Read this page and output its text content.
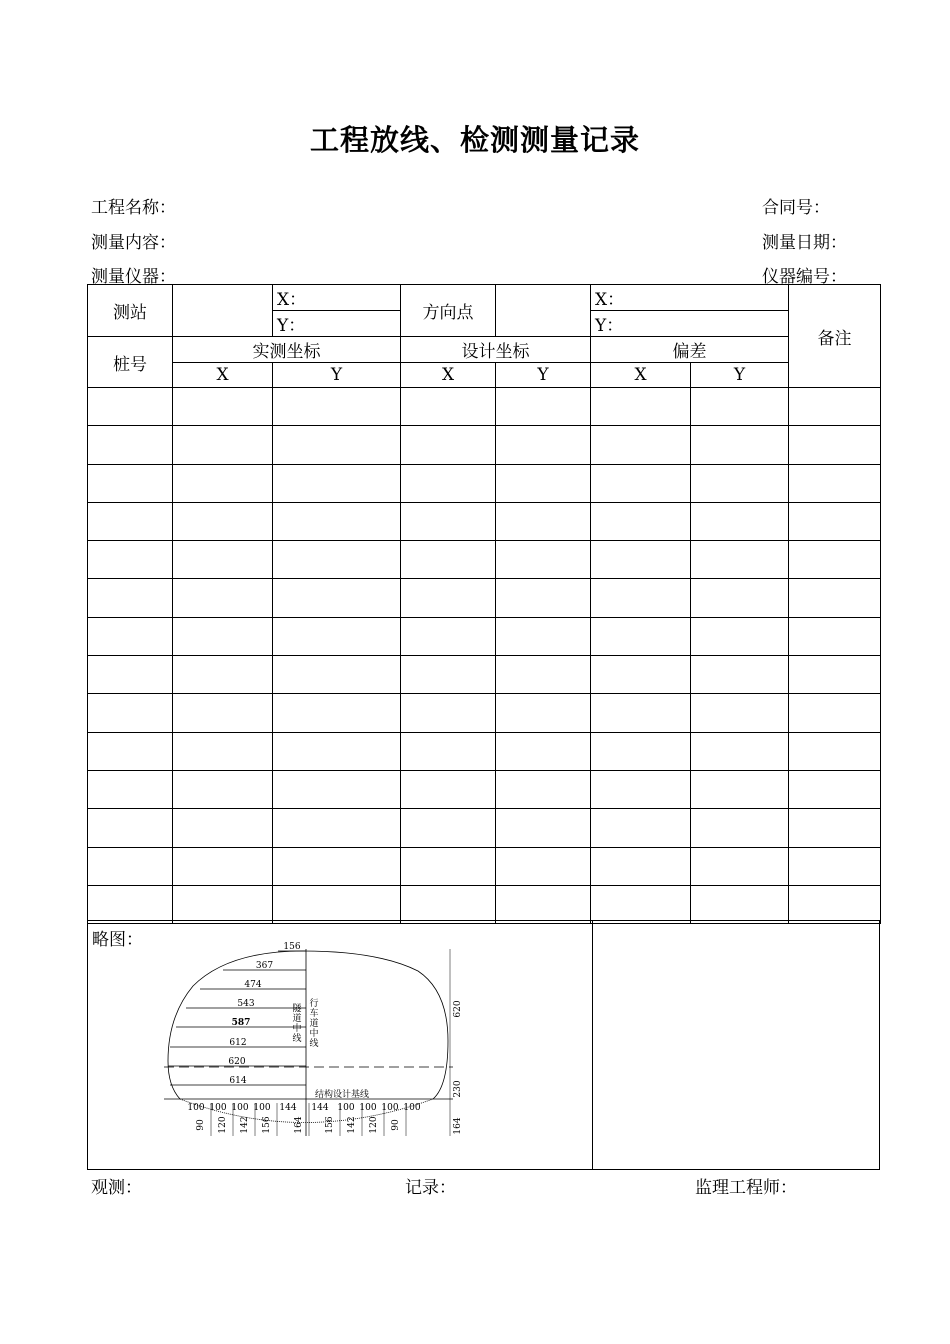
工程放线、检测测量记录
工程名称：	合同号：
测量内容：	测量日期：
测量仪器：	仪器编号：
测站		X：	方向点		X：		备注
		Y：			Y：		
桩号	实测坐标		设计坐标		偏差		
	X	Y	X	Y	X	Y	

略图：	156
367
474
543
587
612
620
614
620
230
164
100 100 100 100 144 144 100 100 100 100
90 120 142 156 164 156 142 120 90
隧
道
中
线
行
车
道
中
线
结构设计基线
观测：	记录：	监理工程师：
